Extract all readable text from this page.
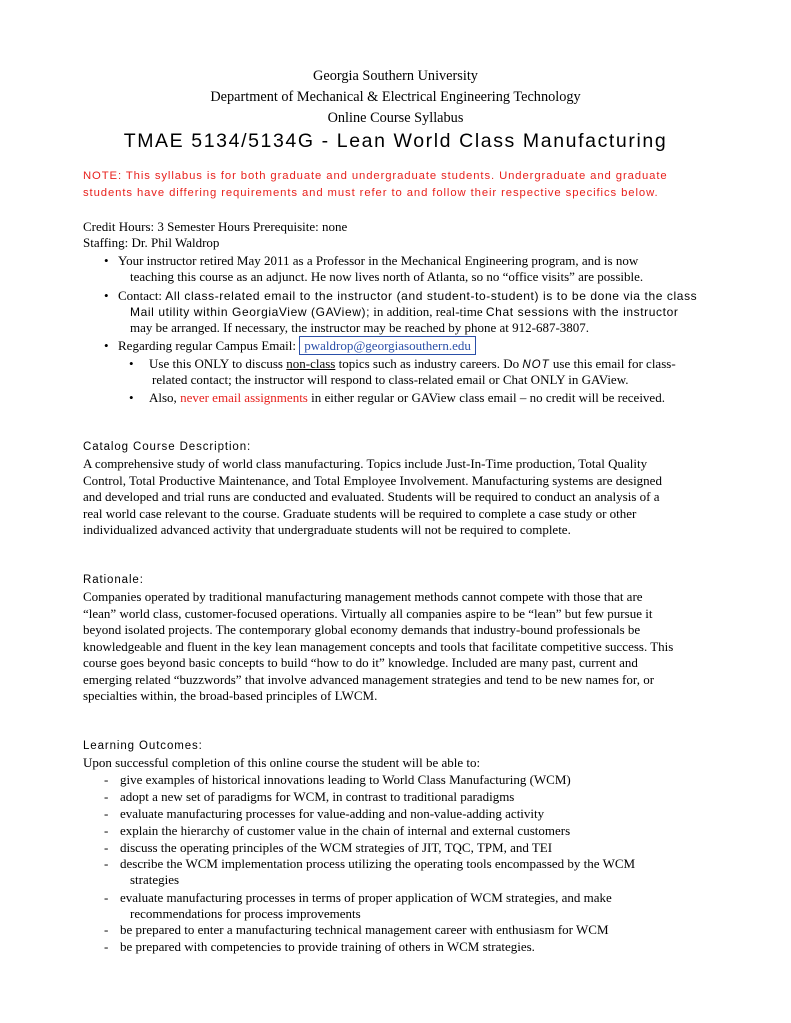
Georgia Southern University
Department of Mechanical & Electrical Engineering Technology
Online Course Syllabus
TMAE 5134/5134G - Lean World Class Manufacturing
NOTE: This syllabus is for both graduate and undergraduate students. Undergraduate and graduate
students have differing requirements and must refer to and follow their respective specifics below.
Credit Hours: 3 Semester Hours Prerequisite: none
Staffing: Dr. Phil Waldrop
• Your instructor retired May 2011 as a Professor in the Mechanical Engineering program, and is now
teaching this course as an adjunct. He now lives north of Atlanta, so no “office visits” are possible.
• Contact: All class-related email to the instructor (and student-to-student) is to be done via the class
Mail utility within GeorgiaView (GAView); in addition, real-time Chat sessions with the instructor
may be arranged. If necessary, the instructor may be reached by phone at 912-687-3807.
• Regarding regular Campus Email: pwaldrop@georgiasouthern.edu
• Use this ONLY to discuss non-class topics such as industry careers. Do NOT use this email for class-
related contact; the instructor will respond to class-related email or Chat ONLY in GAView.
• Also, never email assignments in either regular or GAView class email – no credit will be received.
Catalog Course Description:

A comprehensive study of world class manufacturing. Topics include Just-In-Time production, Total Quality

Control, Total Productive Maintenance, and Total Employee Involvement. Manufacturing systems are designed

and developed and trial runs are conducted and evaluated. Students will be required to conduct an analysis of a

real world case relevant to the course. Graduate students will be required to complete a case study or other

individualized advanced activity that undergraduate students will not be required to complete.

Rationale:

Companies operated by traditional manufacturing management methods cannot compete with those that are

“lean” world class, customer-focused operations. Virtually all companies aspire to be “lean” but few pursue it

beyond isolated projects. The contemporary global economy demands that industry-bound professionals be

knowledgeable and fluent in the key lean management concepts and tools that facilitate competitive success. This

course goes beyond basic concepts to build “how to do it” knowledge. Included are many past, current and

emerging related “buzzwords” that involve advanced management strategies and tend to be new names for, or

specialties within, the broad-based principles of LWCM.

Learning Outcomes:
Upon successful completion of this online course the student will be able to:
- give examples of historical innovations leading to World Class Manufacturing (WCM)
- adopt a new set of paradigms for WCM, in contrast to traditional paradigms
- evaluate manufacturing processes for value-adding and non-value-adding activity
- explain the hierarchy of customer value in the chain of internal and external customers
- discuss the operating principles of the WCM strategies of JIT, TQC, TPM, and TEI
- describe the WCM implementation process utilizing the operating tools encompassed by the WCM
strategies
- evaluate manufacturing processes in terms of proper application of WCM strategies, and make
recommendations for process improvements
- be prepared to enter a manufacturing technical management career with enthusiasm for WCM
- be prepared with competencies to provide training of others in WCM strategies.
